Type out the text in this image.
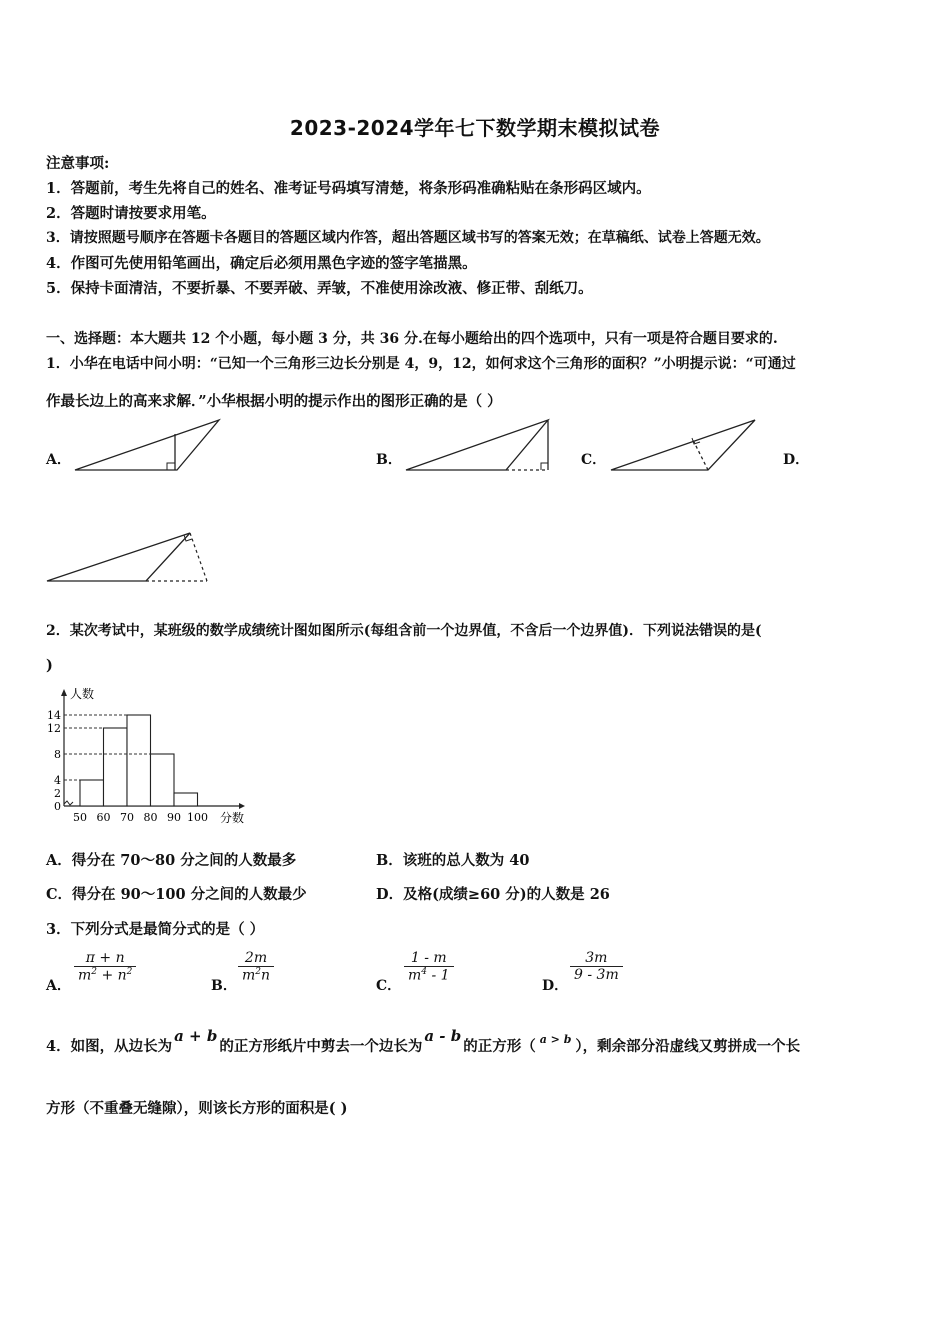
2023-2024学年七下数学期末模拟试卷
注意事项:
1．答题前，考生先将自己的姓名、准考证号码填写清楚，将条形码准确粘贴在条形码区域内。
2．答题时请按要求用笔。
3．请按照题号顺序在答题卡各题目的答题区域内作答，超出答题区域书写的答案无效；在草稿纸、试卷上答题无效。
4．作图可先使用铅笔画出，确定后必须用黑色字迹的签字笔描黑。
5．保持卡面清洁，不要折暴、不要弄破、弄皱，不准使用涂改液、修正带、刮纸刀。
一、选择题：本大题共 12 个小题，每小题 3 分，共 36 分.在每小题给出的四个选项中，只有一项是符合题目要求的.
1．小华在电话中问小明：“已知一个三角形三边长分别是 4，9，12，如何求这个三角形的面积？”小明提示说：“可通过
作最长边上的高来求解．”小华根据小明的提示作出的图形正确的是（ ）
A．	B．	C．	D．
2．某次考试中，某班级的数学成绩统计图如图所示(每组含前一个边界值，不含后一个边界值)．下列说法错误的是(
)
0
2
4
8
12
14
50 60 70 80 90 100
人数
分数
A．得分在 70～80 分之间的人数最多	B．该班的总人数为 40
C．得分在 90～100 分之间的人数最少	D．及格(成绩≥60 分)的人数是 26
3．下列分式是最简分式的是（ ）
A．
$\frac{\pi + n}{m^2 + n^2}$
B．
$\frac{2m}{m^2n}$
C．
$\frac{1 - m}{m^4 - 1}$
D．
$\frac{3m}{9 - 3m}$
4．如图，从边长为a + b的正方形纸片中剪去一个边长为a - b的正方形（ $^{a > b}$ ），剩余部分沿虚线又剪拼成一个长
方形（不重叠无缝隙），则该长方形的面积是( )
